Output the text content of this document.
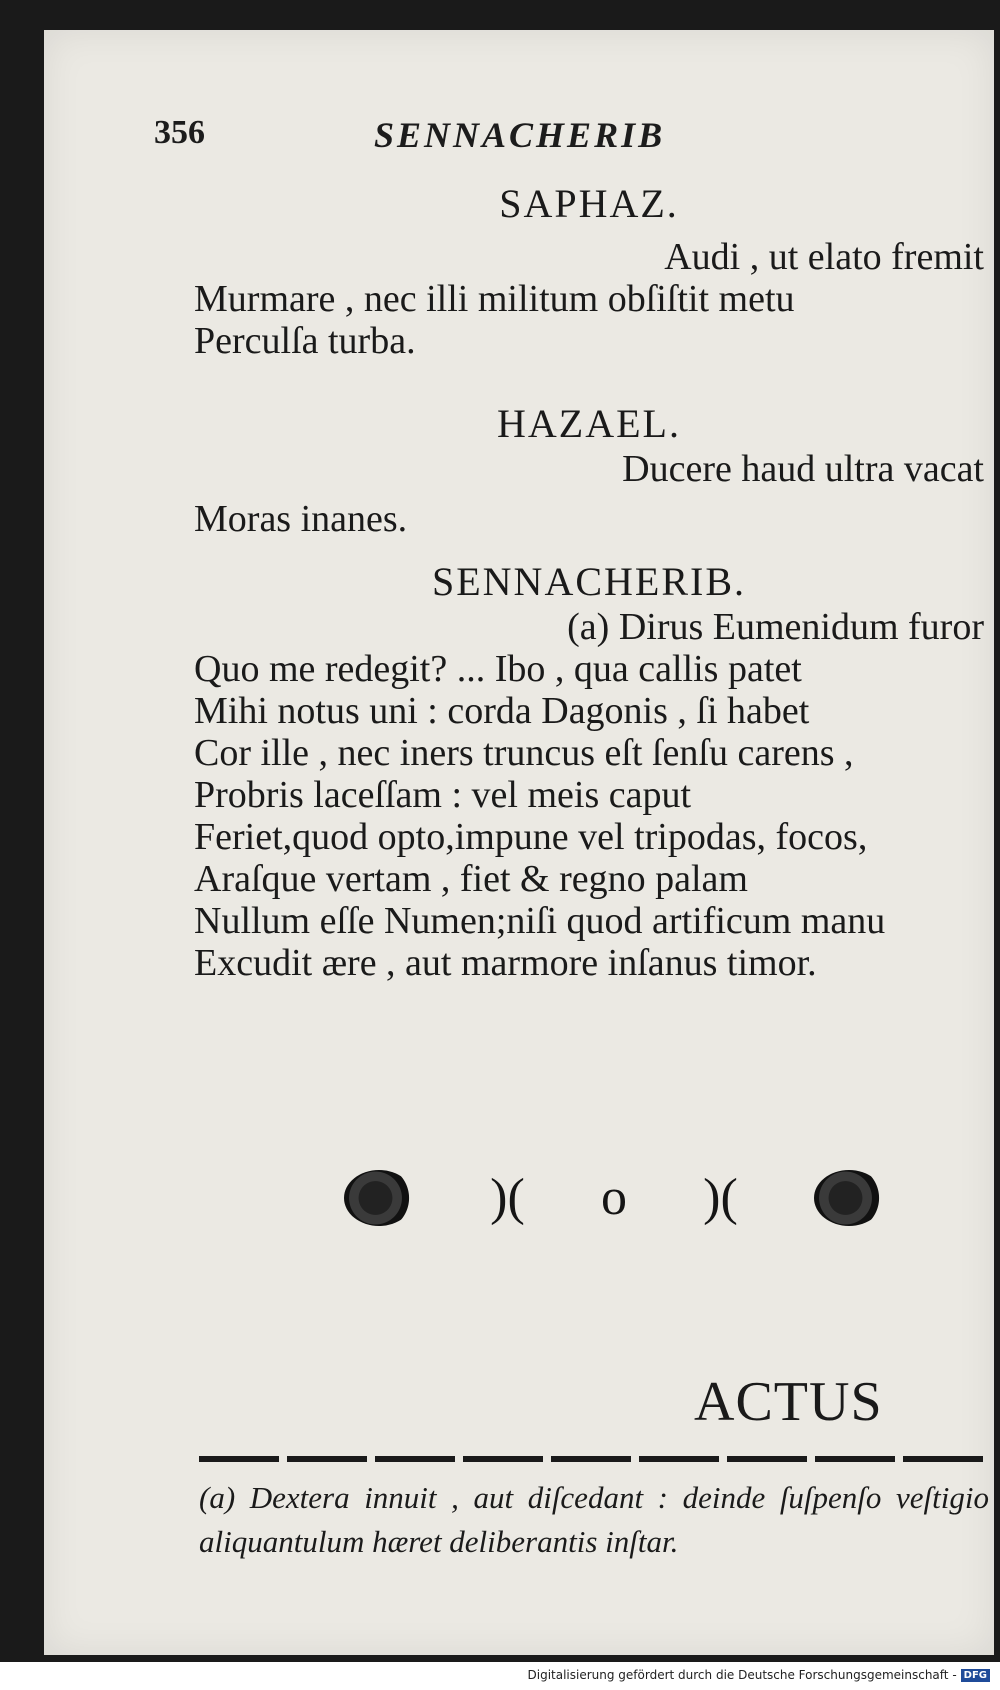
356	SENNACHERIB
SAPHAZ.
Audi , ut elato fremit
Murmare , nec illi militum obſiſtit metu
Perculſa turba.
HAZAEL.
Ducere haud ultra vacat
Moras inanes.
SENNACHERIB.
(a) Dirus Eumenidum furor
Quo me redegit? ... Ibo , qua callis patet
Mihi notus uni : corda Dagonis , ſi habet
Cor ille , nec iners truncus eſt ſenſu carens ,
Probris laceſſam : vel meis caput
Feriet,quod opto,impune vel tripodas, focos,
Araſque vertam , fiet & regno palam
Nullum eſſe Numen;niſi quod artificum manu
Excudit ære , aut marmore inſanus timor.
)( o )(
ACTUS
(a) Dextera innuit , aut diſcedant : deinde ſuſpenſo veſtigio aliquantulum hæret deliberantis inſtar.
Digitalisierung gefördert durch die Deutsche Forschungsgemeinschaft - DFG
